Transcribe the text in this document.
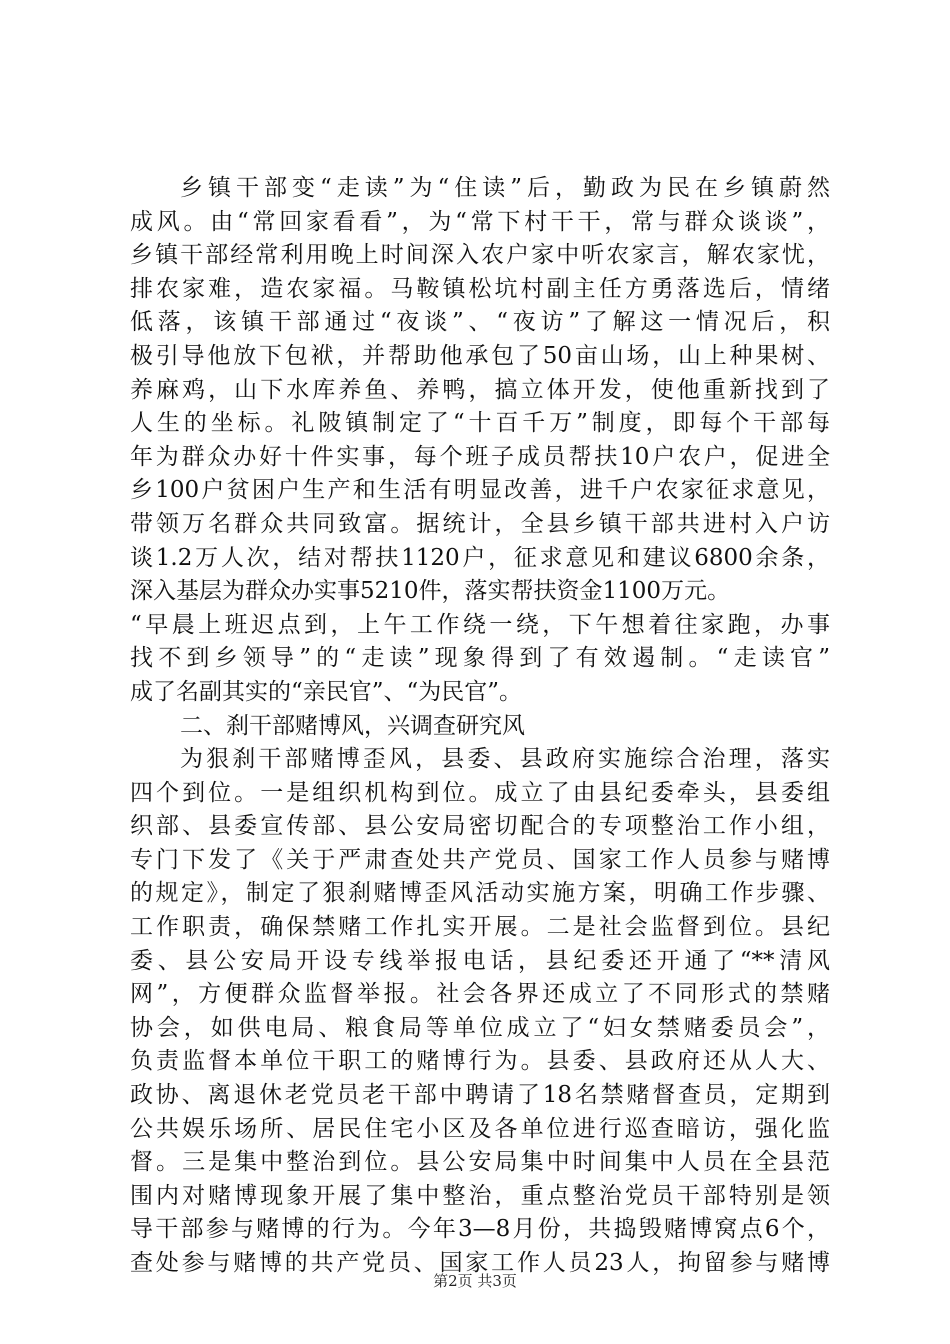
乡镇干部变“走读”为“住读”后，勤政为民在乡镇蔚然
成风。由“常回家看看”，为“常下村干干，常与群众谈谈”，
乡镇干部经常利用晚上时间深入农户家中听农家言，解农家忧，
排农家难，造农家福。马鞍镇松坑村副主任方勇落选后，情绪
低落，该镇干部通过“夜谈”、“夜访”了解这一情况后，积
极引导他放下包袱，并帮助他承包了50亩山场，山上种果树、
养麻鸡，山下水库养鱼、养鸭，搞立体开发，使他重新找到了
人生的坐标。礼陂镇制定了“十百千万”制度，即每个干部每
年为群众办好十件实事，每个班子成员帮扶10户农户，促进全
乡100户贫困户生产和生活有明显改善，进千户农家征求意见，
带领万名群众共同致富。据统计，全县乡镇干部共进村入户访
谈1.2万人次，结对帮扶1120户，征求意见和建议6800余条，
深入基层为群众办实事5210件，落实帮扶资金1100万元。
“早晨上班迟点到，上午工作绕一绕，下午想着往家跑，办事
找不到乡领导”的“走读”现象得到了有效遏制。“走读官”
成了名副其实的“亲民官”、“为民官”。
二、刹干部赌博风，兴调查研究风
为狠刹干部赌博歪风，县委、县政府实施综合治理，落实
四个到位。一是组织机构到位。成立了由县纪委牵头，县委组
织部、县委宣传部、县公安局密切配合的专项整治工作小组，
专门下发了《关于严肃查处共产党员、国家工作人员参与赌博
的规定》，制定了狠刹赌博歪风活动实施方案，明确工作步骤、
工作职责，确保禁赌工作扎实开展。二是社会监督到位。县纪
委、县公安局开设专线举报电话，县纪委还开通了“**清风
网”，方便群众监督举报。社会各界还成立了不同形式的禁赌
协会，如供电局、粮食局等单位成立了“妇女禁赌委员会”，
负责监督本单位干职工的赌博行为。县委、县政府还从人大、
政协、离退休老党员老干部中聘请了18名禁赌督查员，定期到
公共娱乐场所、居民住宅小区及各单位进行巡查暗访，强化监
督。三是集中整治到位。县公安局集中时间集中人员在全县范
围内对赌博现象开展了集中整治，重点整治党员干部特别是领
导干部参与赌博的行为。今年3—8月份，共捣毁赌博窝点6个，
查处参与赌博的共产党员、国家工作人员23人，拘留参与赌博
第2页 共3页
